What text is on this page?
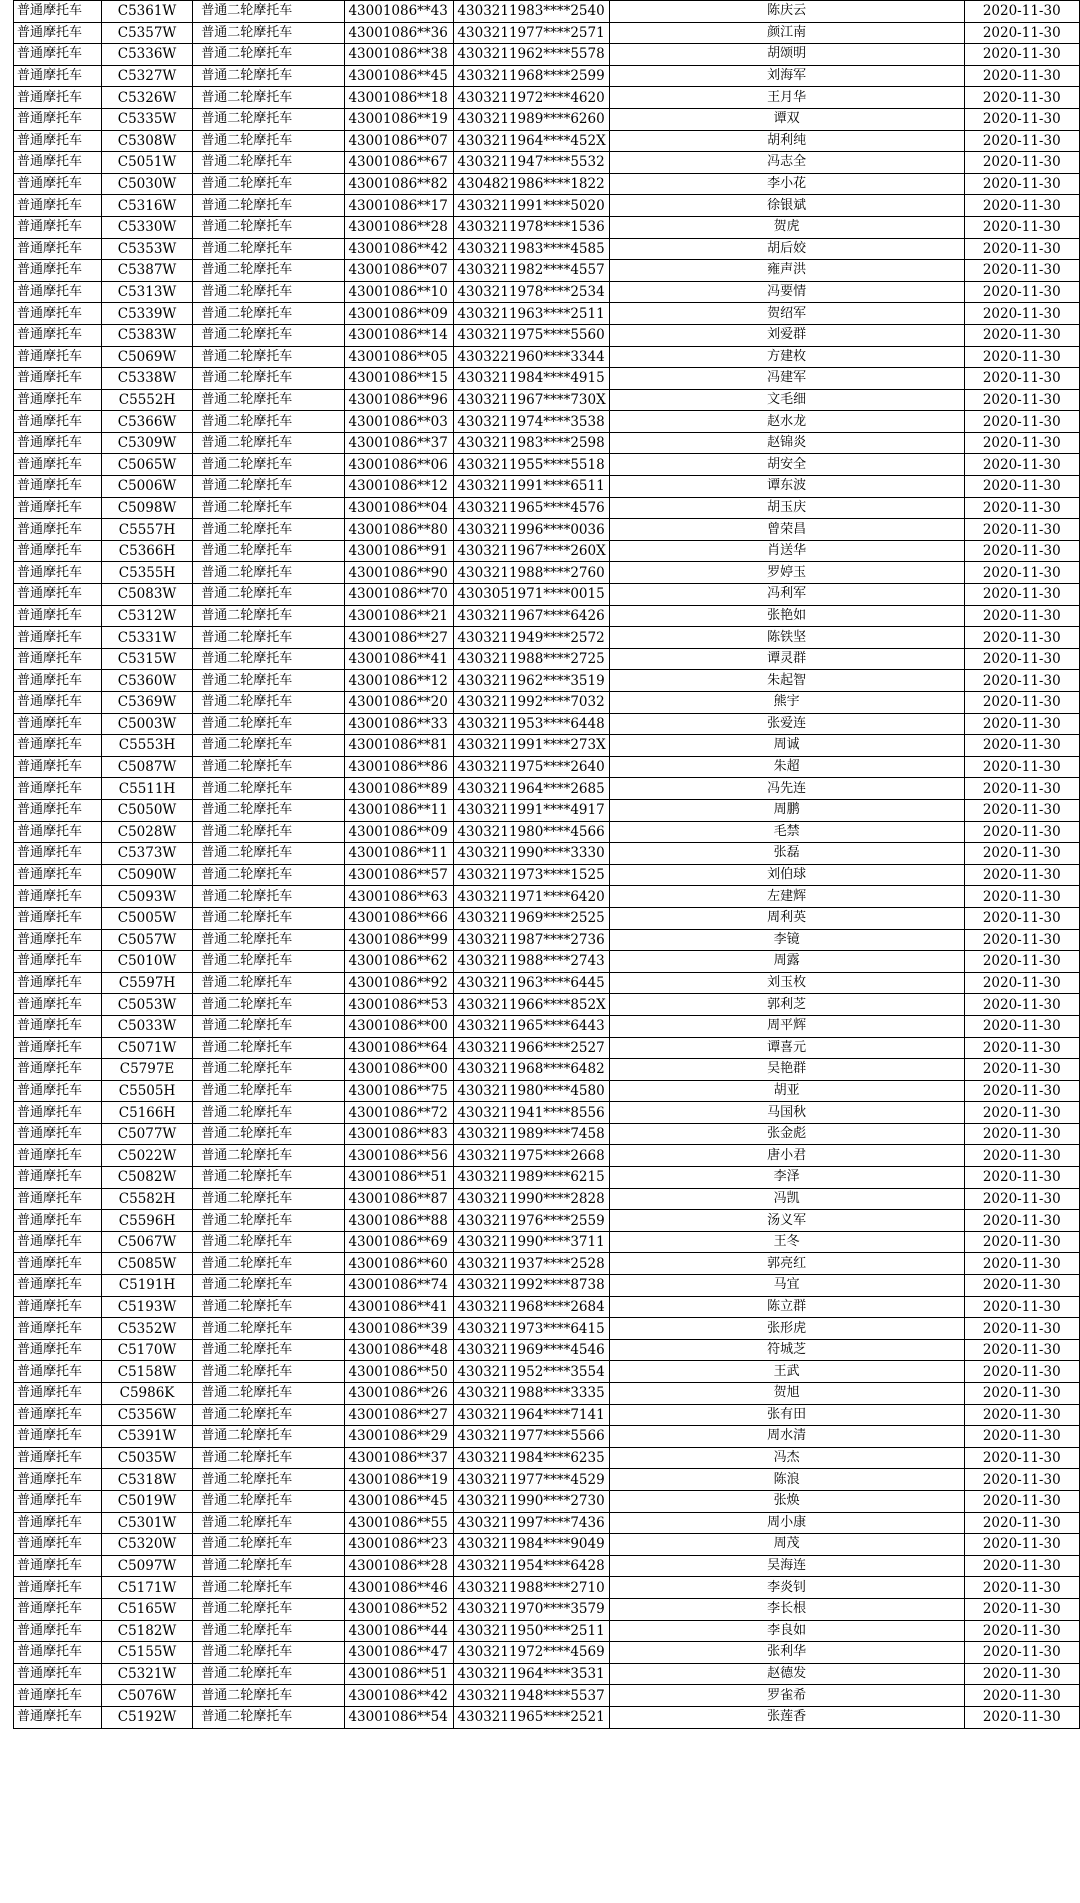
普通摩托车	C5361W	普通二轮摩托车	43001086**43	4303211983****2540	陈庆云	2020-11-30
普通摩托车	C5357W	普通二轮摩托车	43001086**36	4303211977****2571	颜江南	2020-11-30
普通摩托车	C5336W	普通二轮摩托车	43001086**38	4303211962****5578	胡颂明	2020-11-30
普通摩托车	C5327W	普通二轮摩托车	43001086**45	4303211968****2599	刘海军	2020-11-30
普通摩托车	C5326W	普通二轮摩托车	43001086**18	4303211972****4620	王月华	2020-11-30
普通摩托车	C5335W	普通二轮摩托车	43001086**19	4303211989****6260	谭双	2020-11-30
普通摩托车	C5308W	普通二轮摩托车	43001086**07	4303211964****452X	胡利纯	2020-11-30
普通摩托车	C5051W	普通二轮摩托车	43001086**67	4303211947****5532	冯志全	2020-11-30
普通摩托车	C5030W	普通二轮摩托车	43001086**82	4304821986****1822	李小花	2020-11-30
普通摩托车	C5316W	普通二轮摩托车	43001086**17	4303211991****5020	徐银斌	2020-11-30
普通摩托车	C5330W	普通二轮摩托车	43001086**28	4303211978****1536	贺虎	2020-11-30
普通摩托车	C5353W	普通二轮摩托车	43001086**42	4303211983****4585	胡后姣	2020-11-30
普通摩托车	C5387W	普通二轮摩托车	43001086**07	4303211982****4557	雍声洪	2020-11-30
普通摩托车	C5313W	普通二轮摩托车	43001086**10	4303211978****2534	冯要情	2020-11-30
普通摩托车	C5339W	普通二轮摩托车	43001086**09	4303211963****2511	贺绍军	2020-11-30
普通摩托车	C5383W	普通二轮摩托车	43001086**14	4303211975****5560	刘爱群	2020-11-30
普通摩托车	C5069W	普通二轮摩托车	43001086**05	4303221960****3344	方建枚	2020-11-30
普通摩托车	C5338W	普通二轮摩托车	43001086**15	4303211984****4915	冯建军	2020-11-30
普通摩托车	C5552H	普通二轮摩托车	43001086**96	4303211967****730X	文毛细	2020-11-30
普通摩托车	C5366W	普通二轮摩托车	43001086**03	4303211974****3538	赵水龙	2020-11-30
普通摩托车	C5309W	普通二轮摩托车	43001086**37	4303211983****2598	赵锦炎	2020-11-30
普通摩托车	C5065W	普通二轮摩托车	43001086**06	4303211955****5518	胡安全	2020-11-30
普通摩托车	C5006W	普通二轮摩托车	43001086**12	4303211991****6511	谭东波	2020-11-30
普通摩托车	C5098W	普通二轮摩托车	43001086**04	4303211965****4576	胡玉庆	2020-11-30
普通摩托车	C5557H	普通二轮摩托车	43001086**80	4303211996****0036	曾荣昌	2020-11-30
普通摩托车	C5366H	普通二轮摩托车	43001086**91	4303211967****260X	肖送华	2020-11-30
普通摩托车	C5355H	普通二轮摩托车	43001086**90	4303211988****2760	罗婷玉	2020-11-30
普通摩托车	C5083W	普通二轮摩托车	43001086**70	4303051971****0015	冯利军	2020-11-30
普通摩托车	C5312W	普通二轮摩托车	43001086**21	4303211967****6426	张艳如	2020-11-30
普通摩托车	C5331W	普通二轮摩托车	43001086**27	4303211949****2572	陈铁坚	2020-11-30
普通摩托车	C5315W	普通二轮摩托车	43001086**41	4303211988****2725	谭灵群	2020-11-30
普通摩托车	C5360W	普通二轮摩托车	43001086**12	4303211962****3519	朱起智	2020-11-30
普通摩托车	C5369W	普通二轮摩托车	43001086**20	4303211992****7032	熊宇	2020-11-30
普通摩托车	C5003W	普通二轮摩托车	43001086**33	4303211953****6448	张爱连	2020-11-30
普通摩托车	C5553H	普通二轮摩托车	43001086**81	4303211991****273X	周诚	2020-11-30
普通摩托车	C5087W	普通二轮摩托车	43001086**86	4303211975****2640	朱超	2020-11-30
普通摩托车	C5511H	普通二轮摩托车	43001086**89	4303211964****2685	冯先连	2020-11-30
普通摩托车	C5050W	普通二轮摩托车	43001086**11	4303211991****4917	周鹏	2020-11-30
普通摩托车	C5028W	普通二轮摩托车	43001086**09	4303211980****4566	毛禁	2020-11-30
普通摩托车	C5373W	普通二轮摩托车	43001086**11	4303211990****3330	张磊	2020-11-30
普通摩托车	C5090W	普通二轮摩托车	43001086**57	4303211973****1525	刘伯球	2020-11-30
普通摩托车	C5093W	普通二轮摩托车	43001086**63	4303211971****6420	左建辉	2020-11-30
普通摩托车	C5005W	普通二轮摩托车	43001086**66	4303211969****2525	周利英	2020-11-30
普通摩托车	C5057W	普通二轮摩托车	43001086**99	4303211987****2736	李镜	2020-11-30
普通摩托车	C5010W	普通二轮摩托车	43001086**62	4303211988****2743	周露	2020-11-30
普通摩托车	C5597H	普通二轮摩托车	43001086**92	4303211963****6445	刘玉枚	2020-11-30
普通摩托车	C5053W	普通二轮摩托车	43001086**53	4303211966****852X	郭利芝	2020-11-30
普通摩托车	C5033W	普通二轮摩托车	43001086**00	4303211965****6443	周平辉	2020-11-30
普通摩托车	C5071W	普通二轮摩托车	43001086**64	4303211966****2527	谭喜元	2020-11-30
普通摩托车	C5797E	普通二轮摩托车	43001086**00	4303211968****6482	吴艳群	2020-11-30
普通摩托车	C5505H	普通二轮摩托车	43001086**75	4303211980****4580	胡亚	2020-11-30
普通摩托车	C5166H	普通二轮摩托车	43001086**72	4303211941****8556	马国秋	2020-11-30
普通摩托车	C5077W	普通二轮摩托车	43001086**83	4303211989****7458	张金彪	2020-11-30
普通摩托车	C5022W	普通二轮摩托车	43001086**56	4303211975****2668	唐小君	2020-11-30
普通摩托车	C5082W	普通二轮摩托车	43001086**51	4303211989****6215	李泽	2020-11-30
普通摩托车	C5582H	普通二轮摩托车	43001086**87	4303211990****2828	冯凯	2020-11-30
普通摩托车	C5596H	普通二轮摩托车	43001086**88	4303211976****2559	汤义军	2020-11-30
普通摩托车	C5067W	普通二轮摩托车	43001086**69	4303211990****3711	王冬	2020-11-30
普通摩托车	C5085W	普通二轮摩托车	43001086**60	4303211937****2528	郭亮红	2020-11-30
普通摩托车	C5191H	普通二轮摩托车	43001086**74	4303211992****8738	马宜	2020-11-30
普通摩托车	C5193W	普通二轮摩托车	43001086**41	4303211968****2684	陈立群	2020-11-30
普通摩托车	C5352W	普通二轮摩托车	43001086**39	4303211973****6415	张形虎	2020-11-30
普通摩托车	C5170W	普通二轮摩托车	43001086**48	4303211969****4546	符城芝	2020-11-30
普通摩托车	C5158W	普通二轮摩托车	43001086**50	4303211952****3554	王武	2020-11-30
普通摩托车	C5986K	普通二轮摩托车	43001086**26	4303211988****3335	贺旭	2020-11-30
普通摩托车	C5356W	普通二轮摩托车	43001086**27	4303211964****7141	张有田	2020-11-30
普通摩托车	C5391W	普通二轮摩托车	43001086**29	4303211977****5566	周水清	2020-11-30
普通摩托车	C5035W	普通二轮摩托车	43001086**37	4303211984****6235	冯杰	2020-11-30
普通摩托车	C5318W	普通二轮摩托车	43001086**19	4303211977****4529	陈浪	2020-11-30
普通摩托车	C5019W	普通二轮摩托车	43001086**45	4303211990****2730	张焕	2020-11-30
普通摩托车	C5301W	普通二轮摩托车	43001086**55	4303211997****7436	周小康	2020-11-30
普通摩托车	C5320W	普通二轮摩托车	43001086**23	4303211984****9049	周茂	2020-11-30
普通摩托车	C5097W	普通二轮摩托车	43001086**28	4303211954****6428	吴海连	2020-11-30
普通摩托车	C5171W	普通二轮摩托车	43001086**46	4303211988****2710	李炎钊	2020-11-30
普通摩托车	C5165W	普通二轮摩托车	43001086**52	4303211970****3579	李长根	2020-11-30
普通摩托车	C5182W	普通二轮摩托车	43001086**44	4303211950****2511	李良如	2020-11-30
普通摩托车	C5155W	普通二轮摩托车	43001086**47	4303211972****4569	张利华	2020-11-30
普通摩托车	C5321W	普通二轮摩托车	43001086**51	4303211964****3531	赵德发	2020-11-30
普通摩托车	C5076W	普通二轮摩托车	43001086**42	4303211948****5537	罗雀希	2020-11-30
普通摩托车	C5192W	普通二轮摩托车	43001086**54	4303211965****2521	张莲香	2020-11-30
